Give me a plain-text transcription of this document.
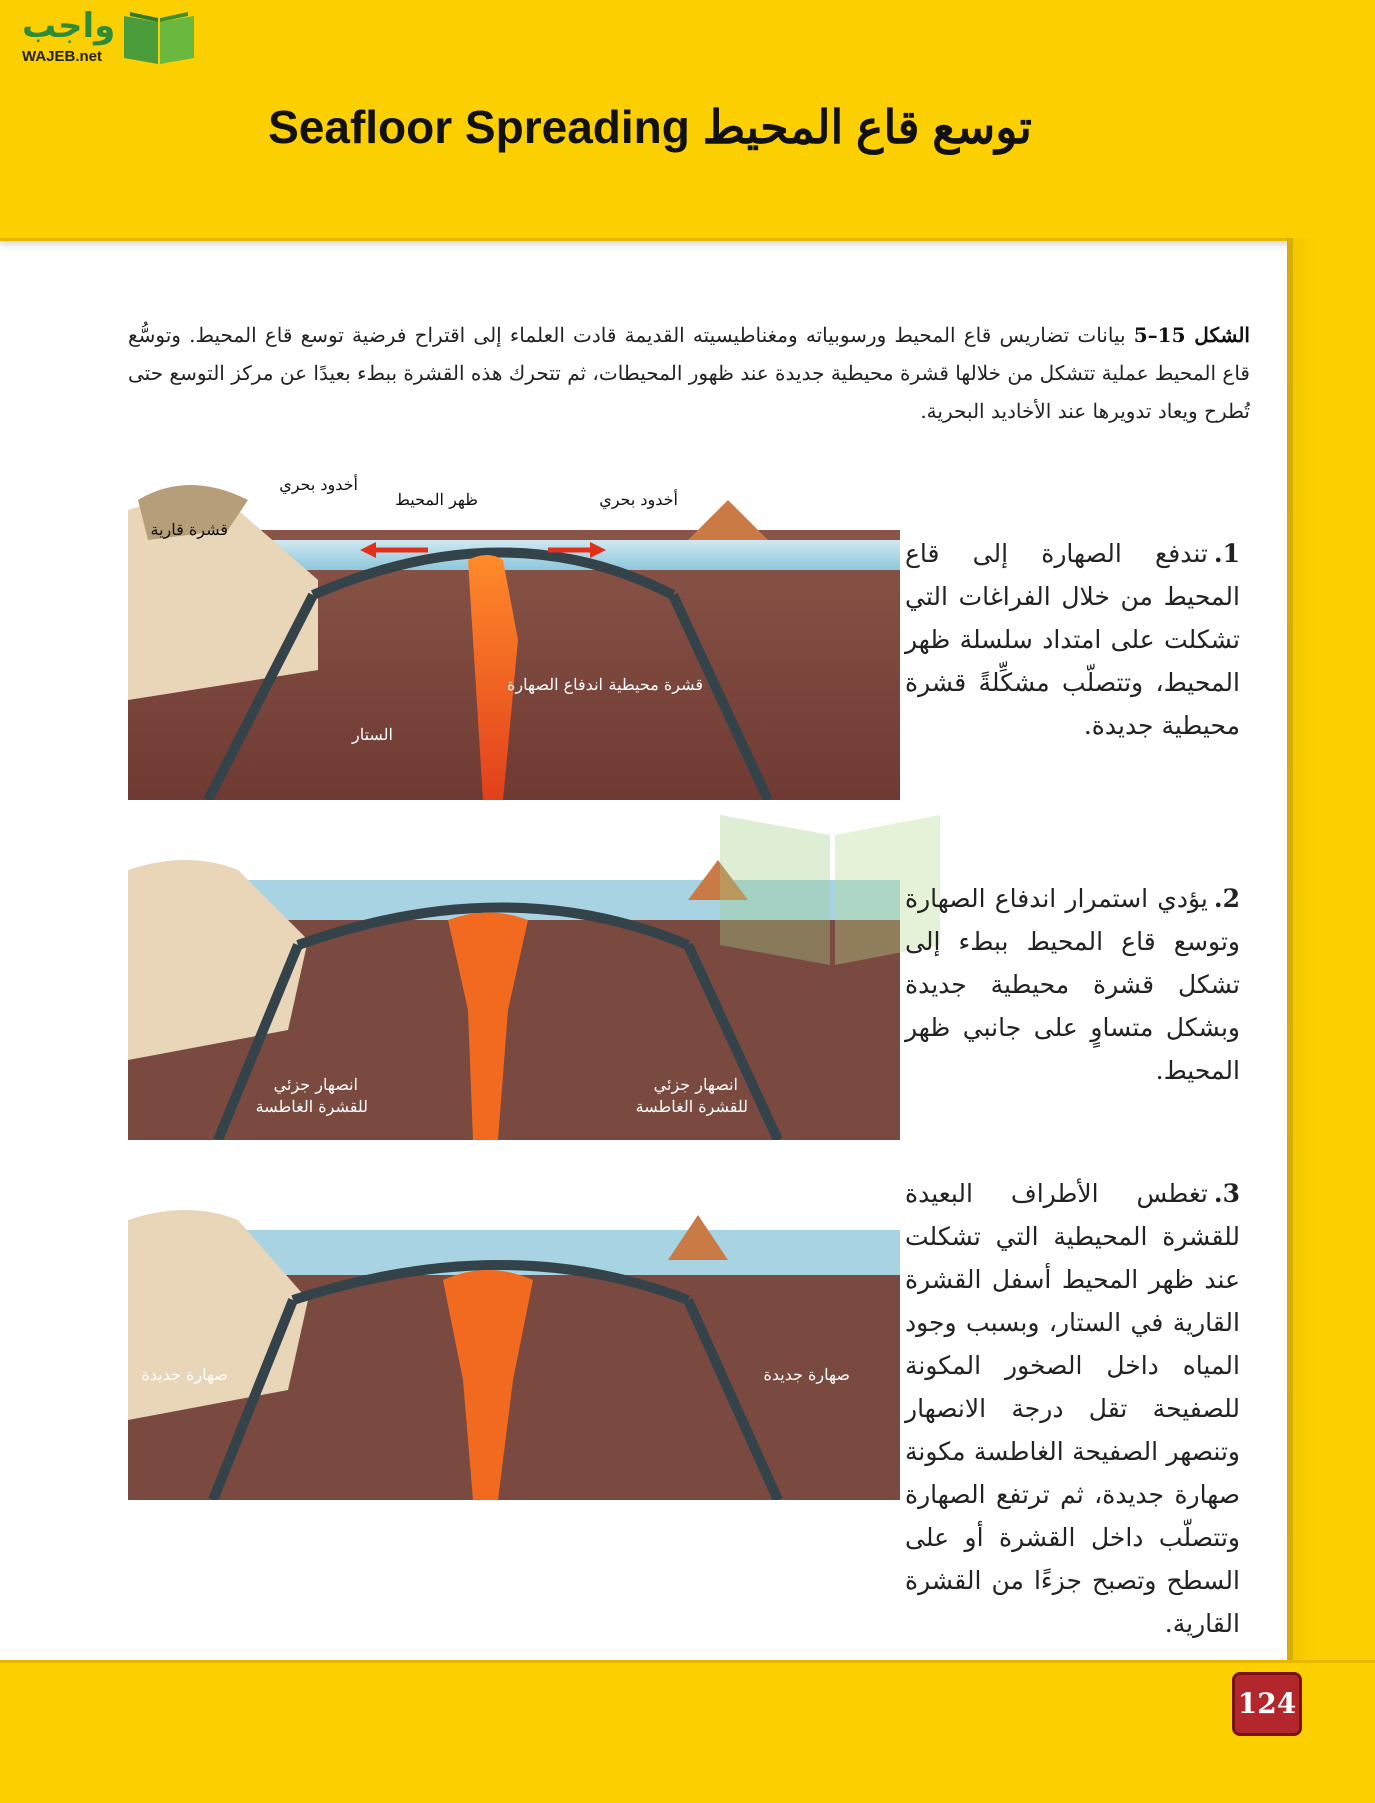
واجب
WAJEB.net
توسع قاع المحيط Seafloor Spreading
الشكل 15–5 بيانات تضاريس قاع المحيط ورسوبياته ومغناطيسيته القديمة قادت العلماء إلى اقتراح فرضية توسع قاع المحيط. وتوسُّع قاع المحيط عملية تتشكل من خلالها قشرة محيطية جديدة عند ظهور المحيطات، ثم تتحرك هذه القشرة ببطء بعيدًا عن مركز التوسع حتى تُطرح ويعاد تدويرها عند الأخاديد البحرية.
أخدود بحري
ظهر المحيط	أخدود بحري
قشرة قارية
اندفاع الصهارة قشرة محيطية
الستار
انصهار جزئي
للقشرة الغاطسة
انصهار جزئي
للقشرة الغاطسة
صهارة جديدة	صهارة جديدة
1.تندفع الصهارة إلى قاع المحيط من خلال الفراغات التي تشكلت على امتداد سلسلة ظهر المحيط، وتتصلّب مشكِّلةً قشرة محيطية جديدة.
2.يؤدي استمرار اندفاع الصهارة وتوسع قاع المحيط ببطء إلى تشكل قشرة محيطية جديدة وبشكل متساوٍ على جانبي ظهر المحيط.
3.تغطس الأطراف البعيدة للقشرة المحيطية التي تشكلت عند ظهر المحيط أسفل القشرة القارية في الستار، وبسبب وجود المياه داخل الصخور المكونة للصفيحة تقل درجة الانصهار وتنصهر الصفيحة الغاطسة مكونة صهارة جديدة، ثم ترتفع الصهارة وتتصلّب داخل القشرة أو على السطح وتصبح جزءًا من القشرة القارية.
124
